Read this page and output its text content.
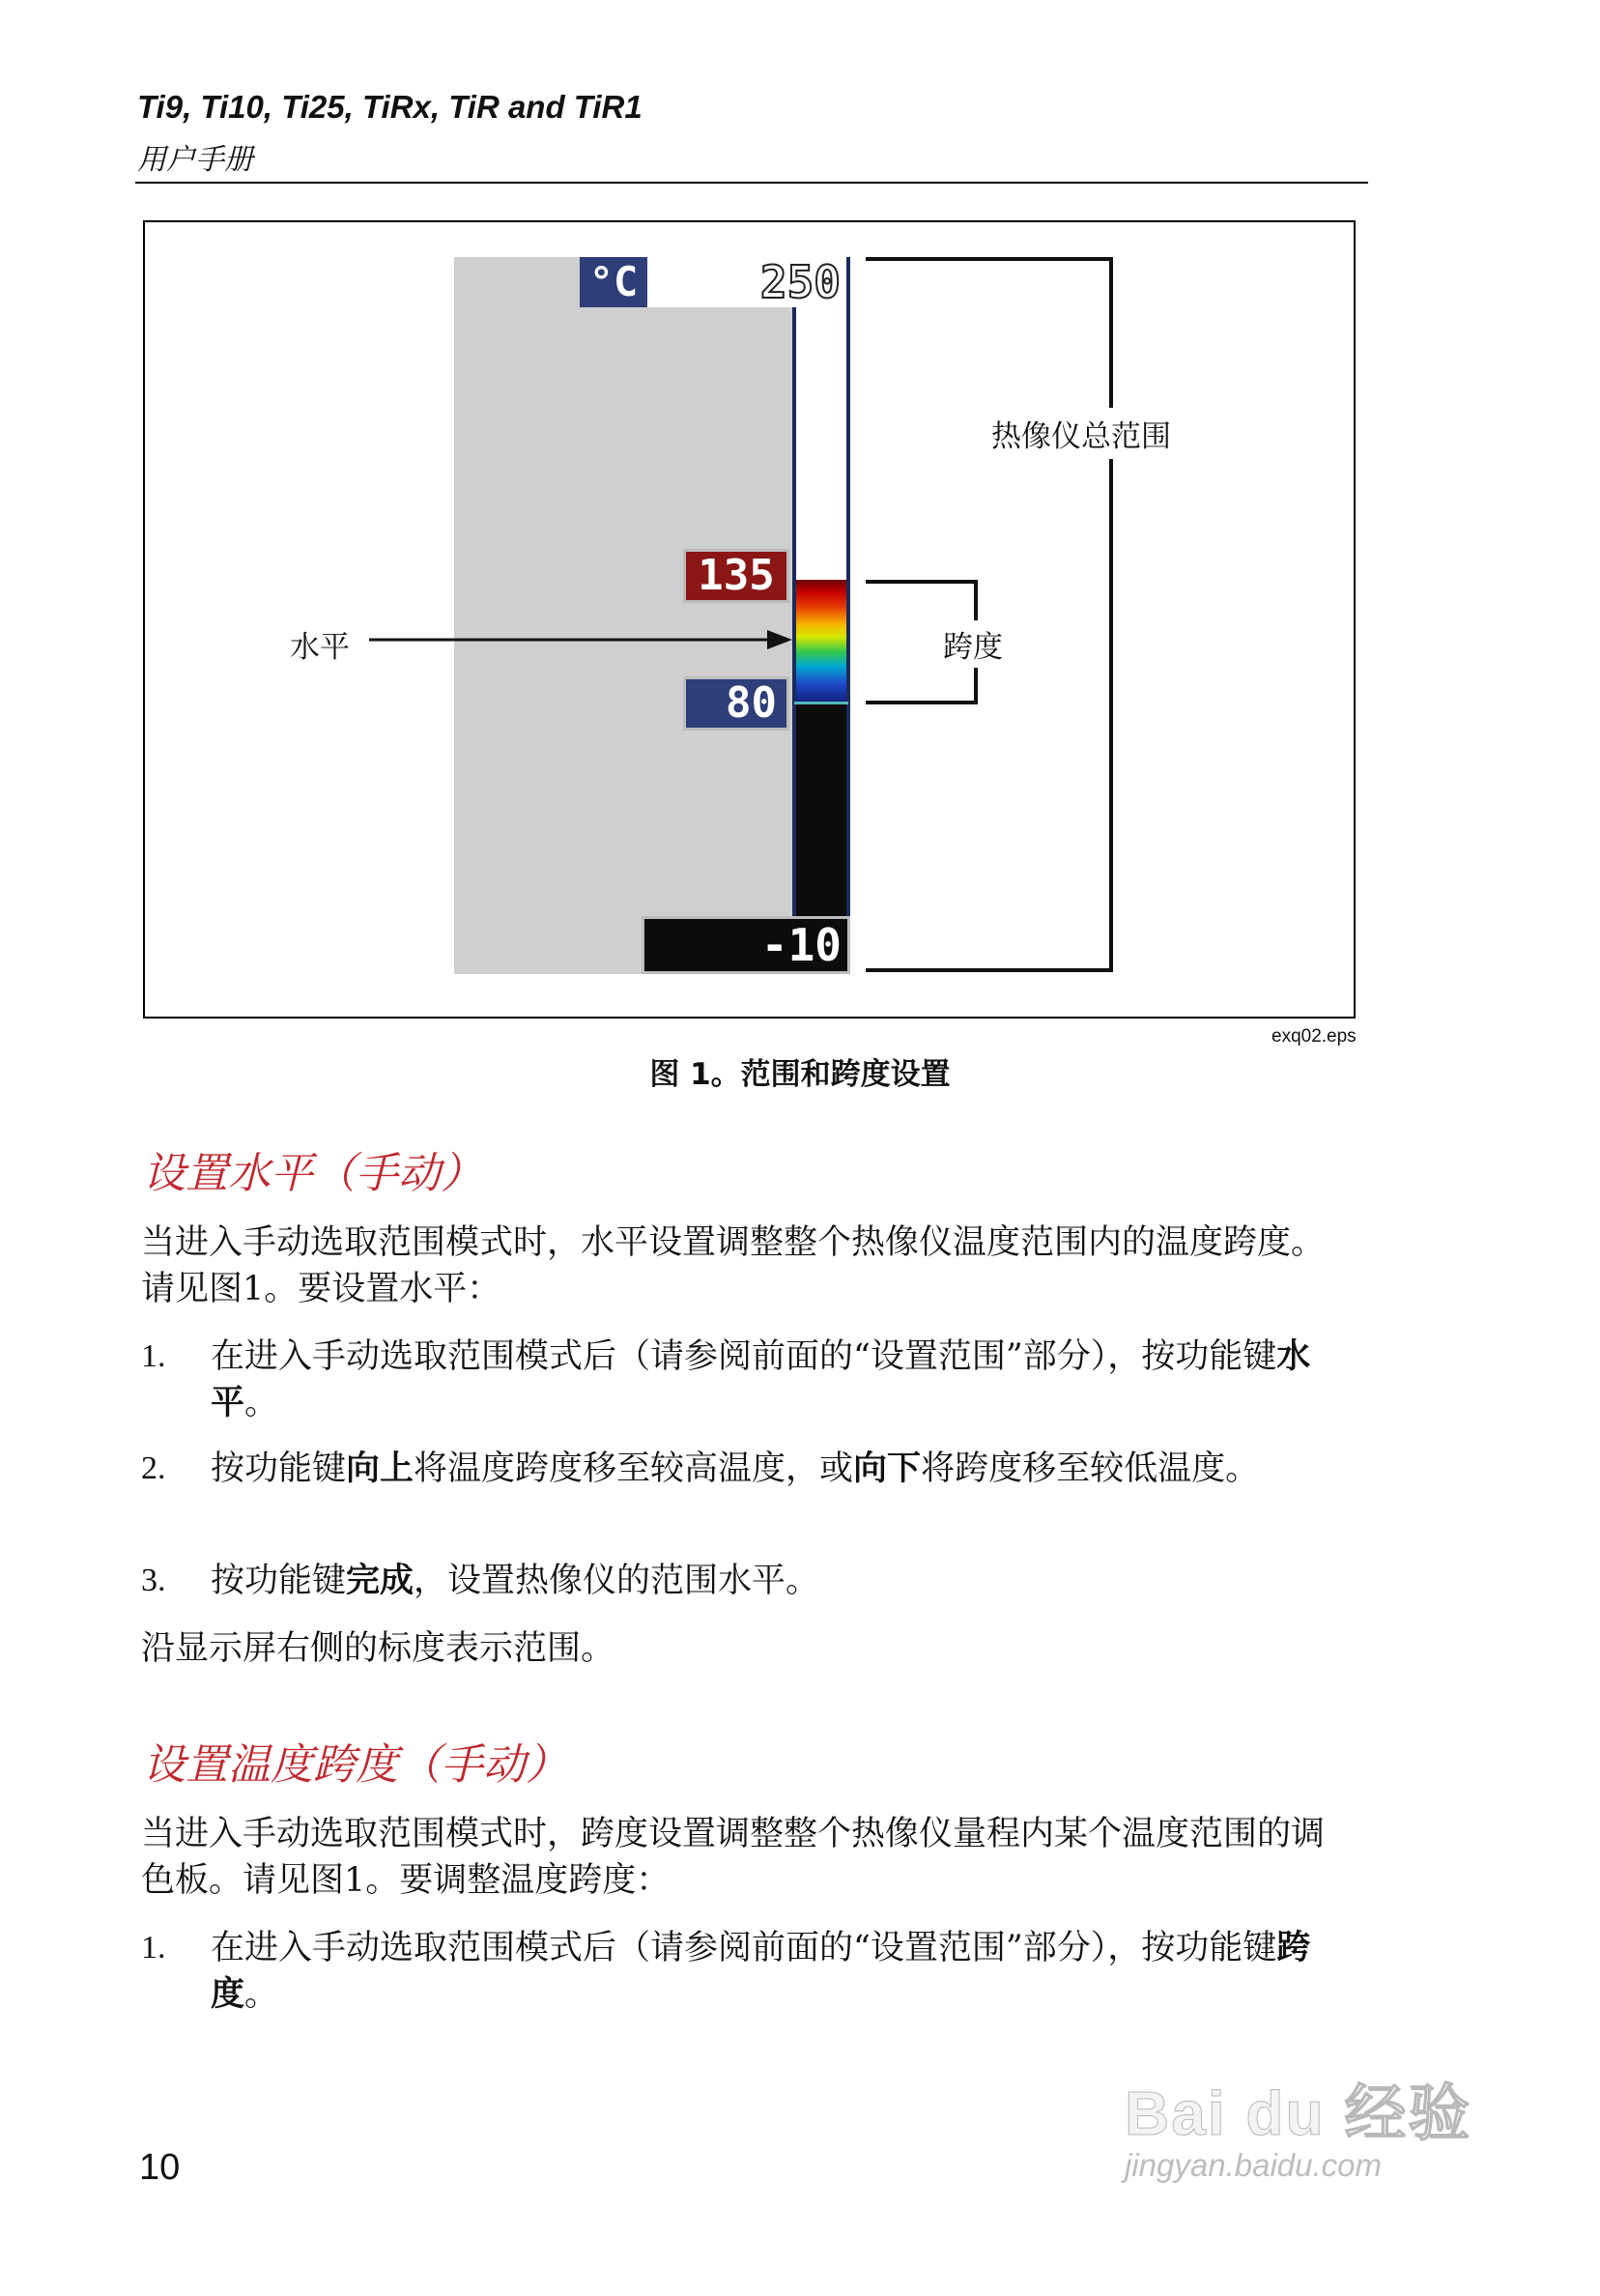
Ti9, Ti10, Ti25, TiRx, TiR and TiR1
用户手册
°C	250
135
80
-10
热像仪总范围
跨度
水平
exq02.eps
图 1。范围和跨度设置
设置水平（手动）
当进入手动选取范围模式时，水平设置调整整个热像仪温度范围内的温度跨度。请见图1。要设置水平：
1. 在进入手动选取范围模式后（请参阅前面的“设置范围”部分），按功能键水平。
2. 按功能键向上将温度跨度移至较高温度，或向下将跨度移至较低温度。
3. 按功能键完成，设置热像仪的范围水平。
沿显示屏右侧的标度表示范围。
设置温度跨度（手动）
当进入手动选取范围模式时，跨度设置调整整个热像仪量程内某个温度范围的调色板。请见图1。要调整温度跨度：
1. 在进入手动选取范围模式后（请参阅前面的“设置范围”部分），按功能键跨度。
10
Bai du 经验
jingyan.baidu.com
